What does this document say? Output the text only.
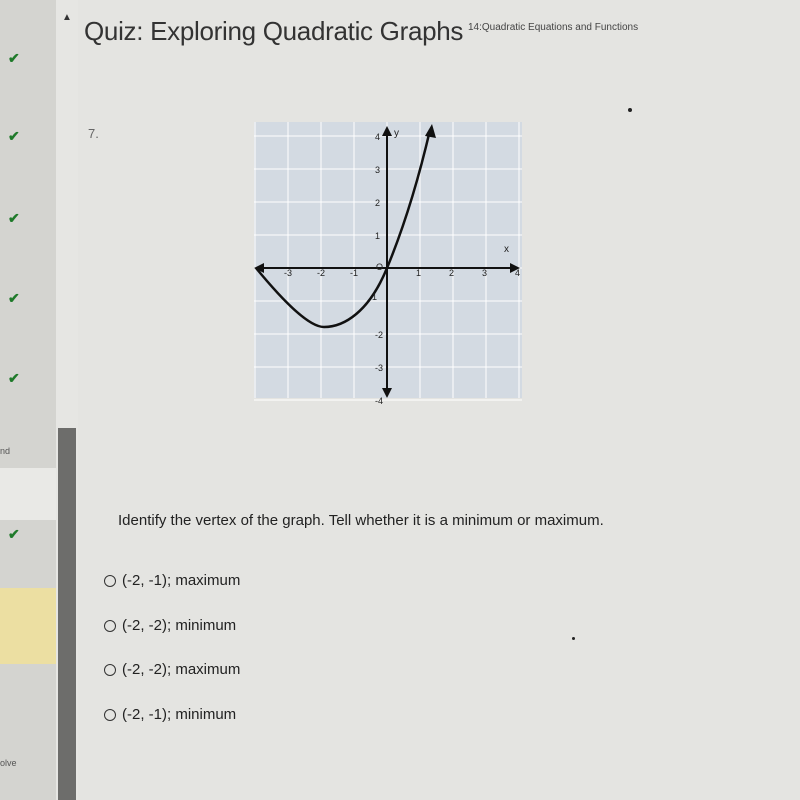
✔
✔
✔
✔
✔
nd
✔
olve
▲ Quiz: Exploring Quadratic Graphs 14:Quadratic Equations and Functions
7.
x
y
O
1
-3	-2	-1	1	2	3	4
4
3
2
1
-2
-3
-4
Identify the vertex of the graph. Tell whether it is a minimum or maximum.
(-2, -1); maximum
(-2, -2); minimum
(-2, -2); maximum
(-2, -1); minimum
